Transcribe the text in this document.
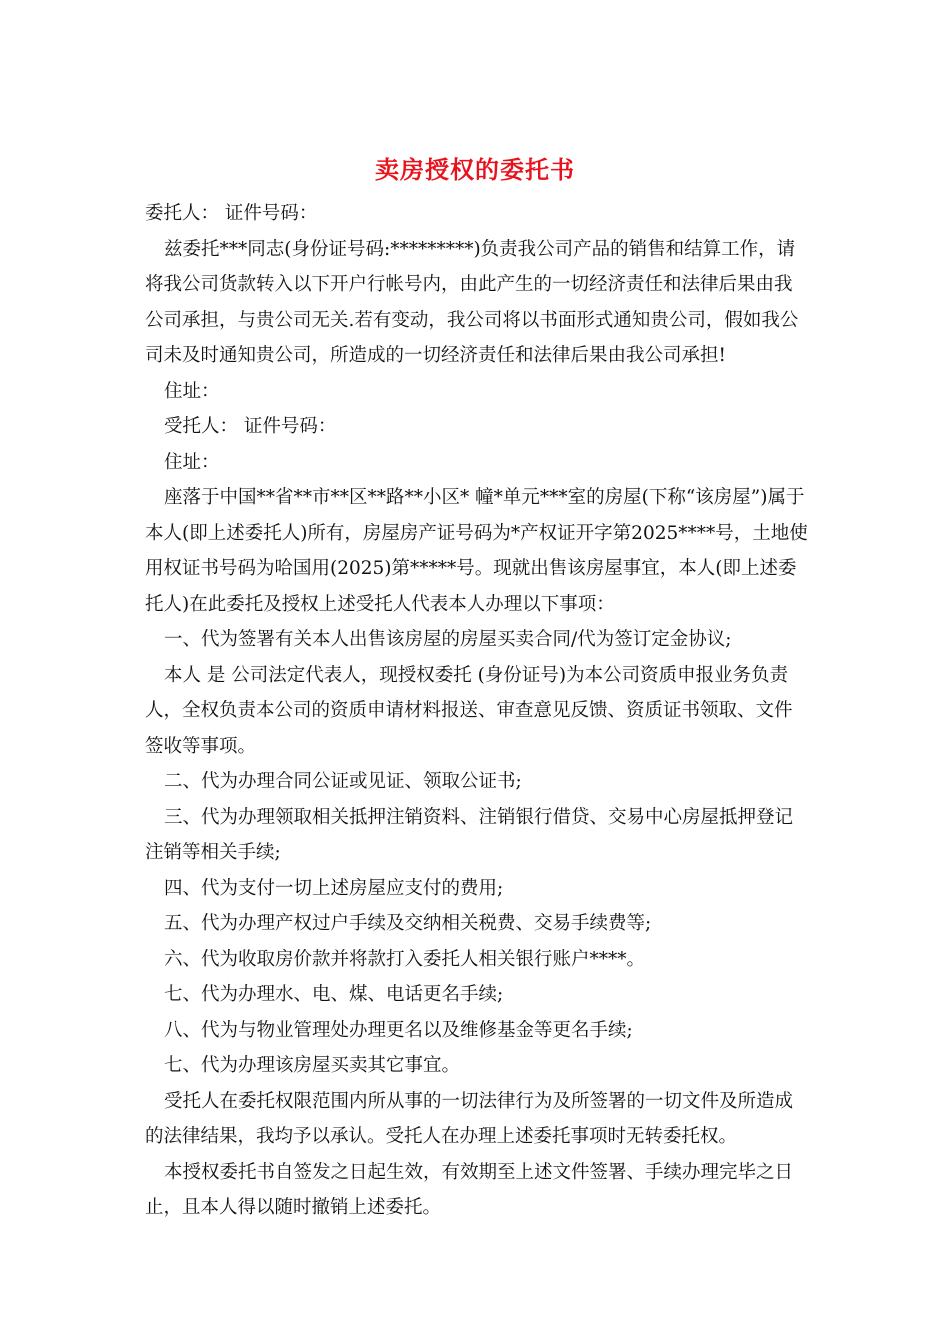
卖房授权的委托书

委托人： 证件号码：

兹委托***同志(身份证号码:*********)负责我公司产品的销售和结算工作，请将我公司货款转入以下开户行帐号内，由此产生的一切经济责任和法律后果由我公司承担，与贵公司无关.若有变动，我公司将以书面形式通知贵公司，假如我公司未及时通知贵公司，所造成的一切经济责任和法律后果由我公司承担!

住址：

受托人： 证件号码：

住址：

座落于中国**省**市**区**路**小区* 幢*单元***室的房屋(下称“该房屋”)属于本人(即上述委托人)所有，房屋房产证号码为*产权证开字第2025****号，土地使用权证书号码为哈国用(2025)第*****号。现就出售该房屋事宜，本人(即上述委托人)在此委托及授权上述受托人代表本人办理以下事项：

一、代为签署有关本人出售该房屋的房屋买卖合同/代为签订定金协议;

本人 是 公司法定代表人，现授权委托 (身份证号)为本公司资质申报业务负责人，全权负责本公司的资质申请材料报送、审查意见反馈、资质证书领取、文件签收等事项。

二、代为办理合同公证或见证、领取公证书;

三、代为办理领取相关抵押注销资料、注销银行借贷、交易中心房屋抵押登记注销等相关手续;

四、代为支付一切上述房屋应支付的费用;

五、代为办理产权过户手续及交纳相关税费、交易手续费等;

六、代为收取房价款并将款打入委托人相关银行账户****。

七、代为办理水、电、煤、电话更名手续;

八、代为与物业管理处办理更名以及维修基金等更名手续;

七、代为办理该房屋买卖其它事宜。

受托人在委托权限范围内所从事的一切法律行为及所签署的一切文件及所造成的法律结果，我均予以承认。受托人在办理上述委托事项时无转委托权。

本授权委托书自签发之日起生效，有效期至上述文件签署、手续办理完毕之日止，且本人得以随时撤销上述委托。
